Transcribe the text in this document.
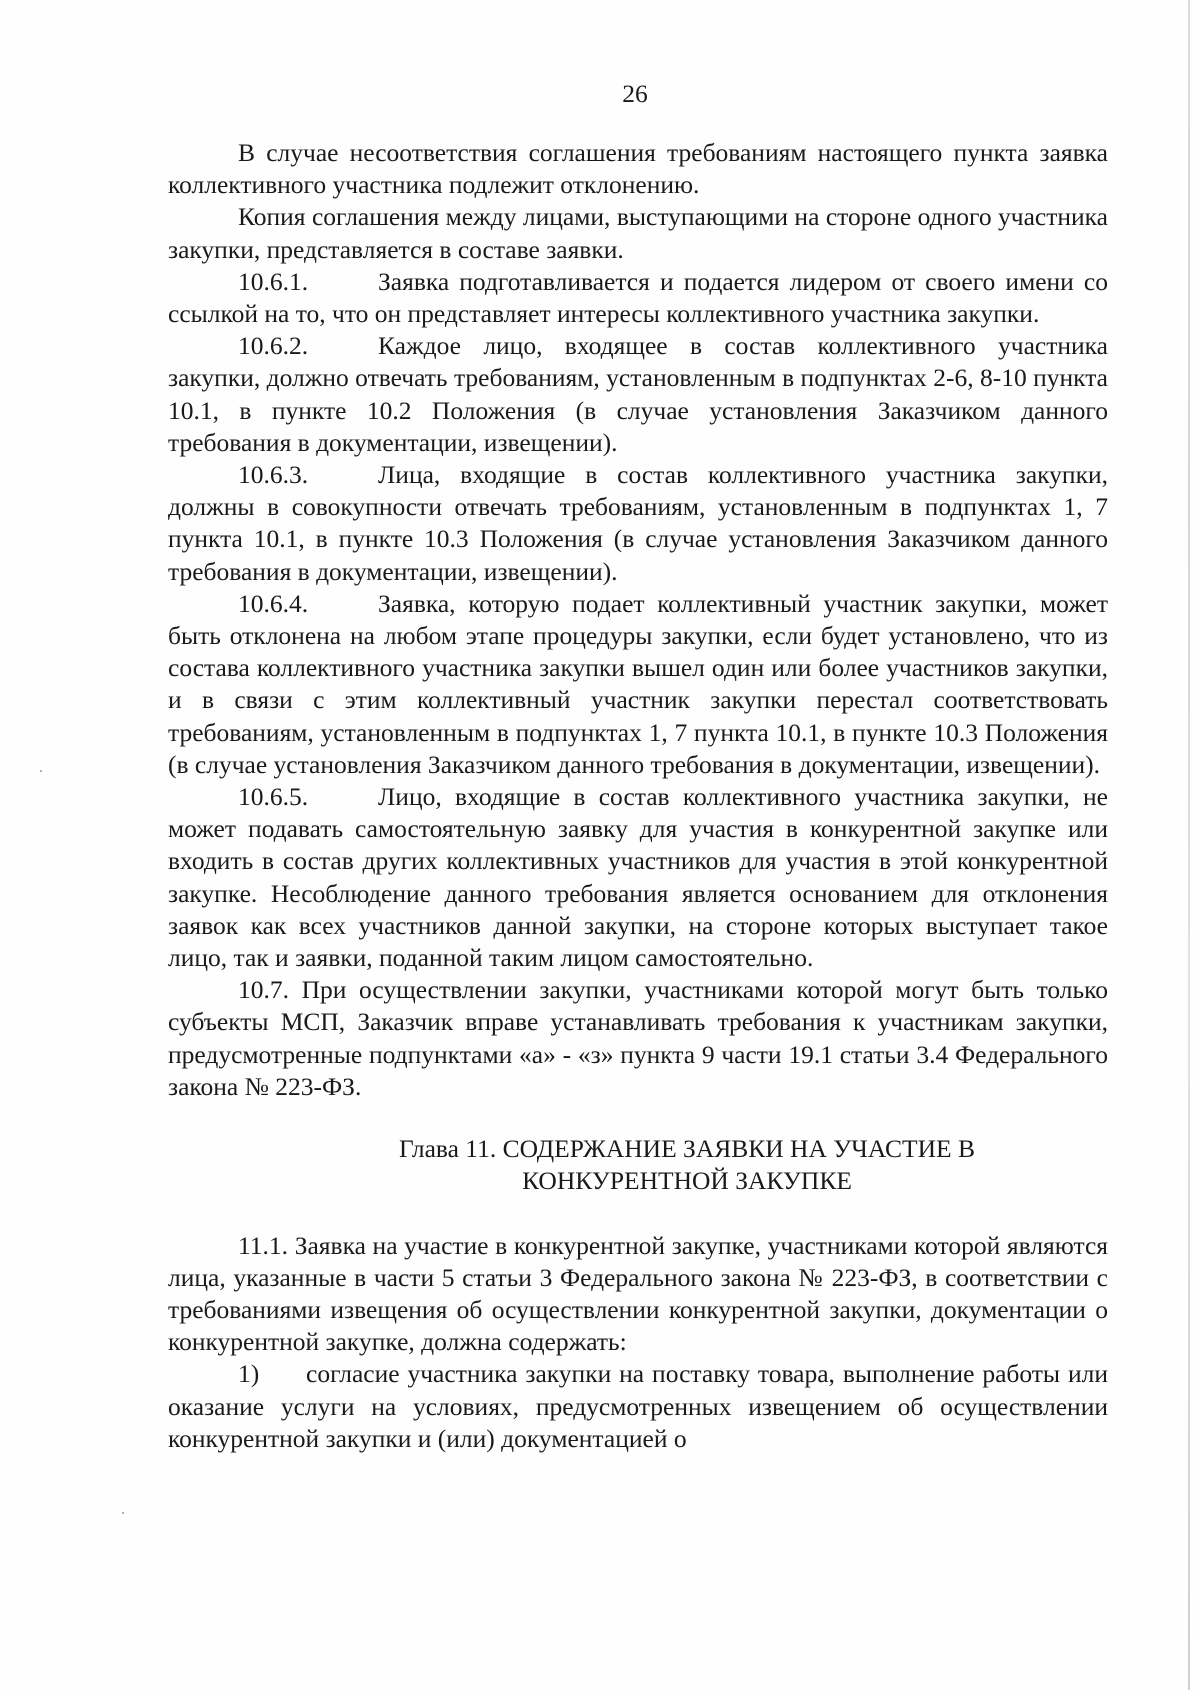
26

В случае несоответствия соглашения требованиям настоящего пункта заявка коллективного участника подлежит отклонению.

Копия соглашения между лицами, выступающими на стороне одного участника закупки, представляется в составе заявки.

10.6.1.	Заявка подготавливается и подается лидером от своего имени со ссылкой на то, что он представляет интересы коллективного участника закупки.

10.6.2.	Каждое лицо, входящее в состав коллективного участника закупки, должно отвечать требованиям, установленным в подпунктах 2-6, 8-10 пункта 10.1, в пункте 10.2 Положения (в случае установления Заказчиком данного требования в документации, извещении).

10.6.3.	Лица, входящие в состав коллективного участника закупки, должны в совокупности отвечать требованиям, установленным в подпунктах 1, 7 пункта 10.1, в пункте 10.3 Положения (в случае установления Заказчиком данного требования в документации, извещении).

10.6.4.	Заявка, которую подает коллективный участник закупки, может быть отклонена на любом этапе процедуры закупки, если будет установлено, что из состава коллективного участника закупки вышел один или более участников закупки, и в связи с этим коллективный участник закупки перестал соответствовать требованиям, установленным в подпунктах 1, 7 пункта 10.1, в пункте 10.3 Положения (в случае установления Заказчиком данного требования в документации, извещении).

10.6.5.	Лицо, входящие в состав коллективного участника закупки, не может подавать самостоятельную заявку для участия в конкурентной закупке или входить в состав других коллективных участников для участия в этой конкурентной закупке. Несоблюдение данного требования является основанием для отклонения заявок как всех участников данной закупки, на стороне которых выступает такое лицо, так и заявки, поданной таким лицом самостоятельно.

10.7. При осуществлении закупки, участниками которой могут быть только субъекты МСП, Заказчик вправе устанавливать требования к участникам закупки, предусмотренные подпунктами «а» - «з» пункта 9 части 19.1 статьи 3.4 Федерального закона № 223-ФЗ.

Глава 11. СОДЕРЖАНИЕ ЗАЯВКИ НА УЧАСТИЕ В
КОНКУРЕНТНОЙ ЗАКУПКЕ

11.1. Заявка на участие в конкурентной закупке, участниками которой являются лица, указанные в части 5 статьи 3 Федерального закона № 223-ФЗ, в соответствии с требованиями извещения об осуществлении конкурентной закупки, документации о конкурентной закупке, должна содержать:

1) согласие участника закупки на поставку товара, выполнение работы или оказание услуги на условиях, предусмотренных извещением об осуществлении конкурентной закупки и (или) документацией о
